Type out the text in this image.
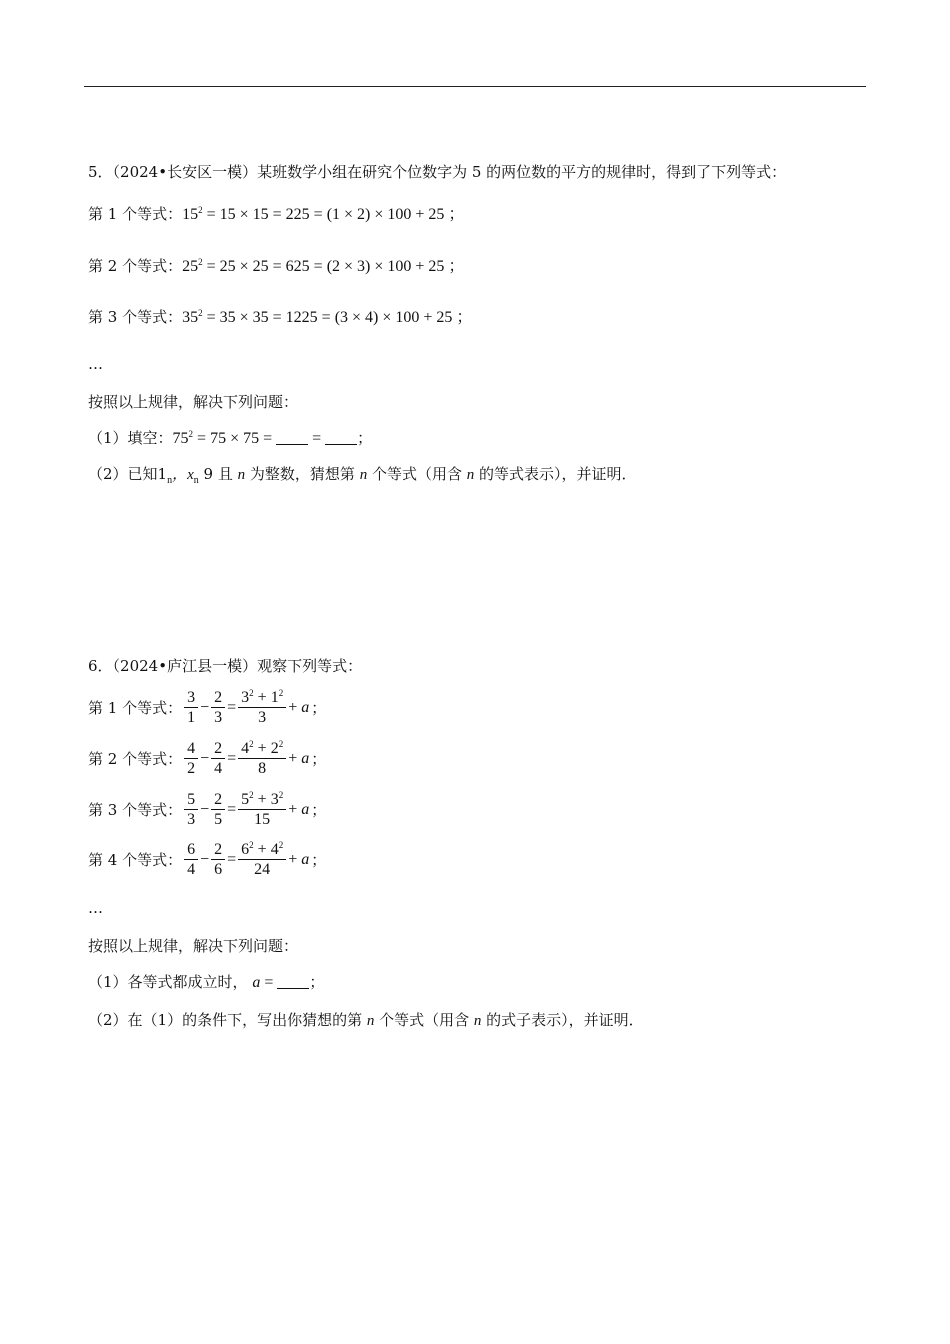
5．（2024•长安区一模）某班数学小组在研究个位数字为 5 的两位数的平方的规律时，得到了下列等式：
第 1 个等式：$15^2 = 15 \times 15 = 225 = (1 \times 2) \times 100 + 25$ ；
第 2 个等式：$25^2 = 25 \times 25 = 625 = (2 \times 3) \times 100 + 25$ ；
第 3 个等式：$35^2 = 35 \times 35 = 1225 = (3 \times 4) \times 100 + 25$ ；
…
按照以上规律，解决下列问题：
（1）填空：$75^2 = 75 \times 75$ =  = ；
（2）已知$1_n$，$x_n$ 9 且 n 为整数，猜想第 n 个等式（用含 n 的等式表示），并证明．
6．（2024•庐江县一模）观察下列等式：
第 1 个等式： $\frac{3}{1} - \frac{2}{3} = \frac{3^2 + 1^2}{3} + a$ ；
第 2 个等式： $\frac{4}{2} - \frac{2}{4} = \frac{4^2 + 2^2}{8} + a$ ；
第 3 个等式： $\frac{5}{3} - \frac{2}{5} = \frac{5^2 + 3^2}{15} + a$ ；
第 4 个等式： $\frac{6}{4} - \frac{2}{6} = \frac{6^2 + 4^2}{24} + a$ ；
…
按照以上规律，解决下列问题：
（1）各等式都成立时， a = ；
（2）在（1）的条件下，写出你猜想的第 n 个等式（用含 n 的式子表示），并证明．
